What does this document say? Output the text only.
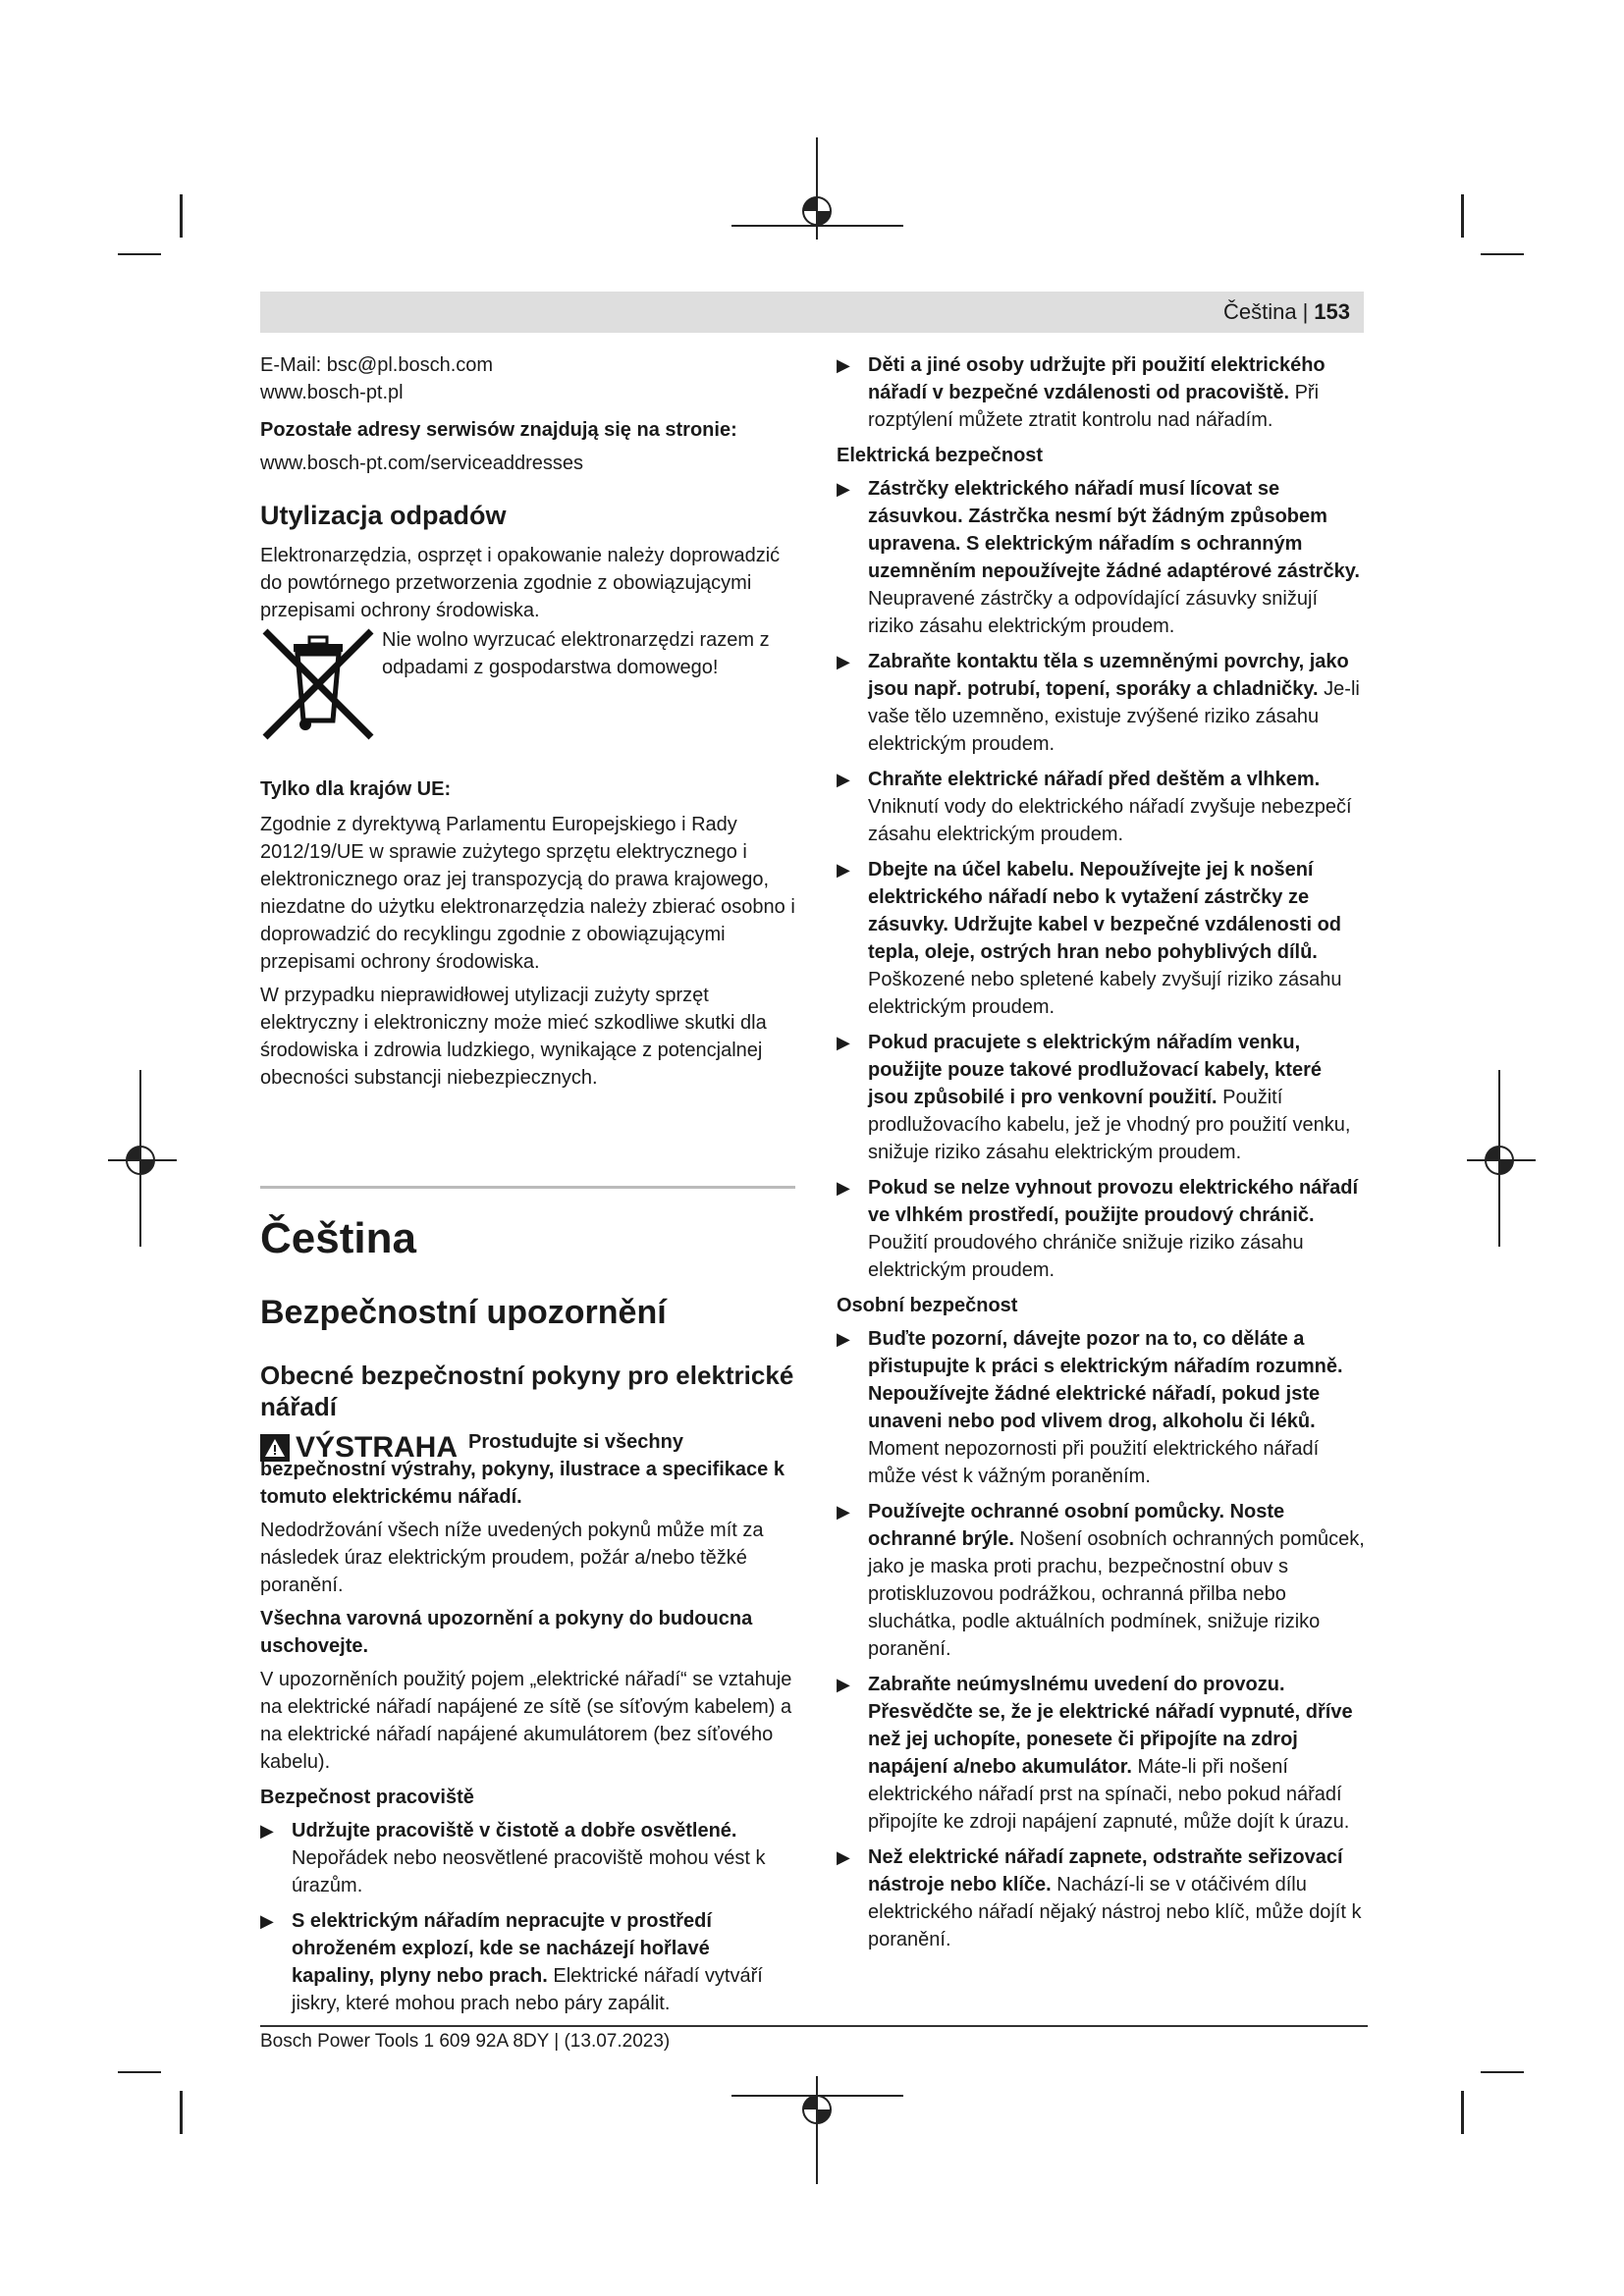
Čeština | 153
E-Mail: bsc@pl.bosch.com
www.bosch-pt.pl

Pozostałe adresy serwisów znajdują się na stronie:

www.bosch-pt.com/serviceaddresses

Utylizacja odpadów

Elektronarzędzia, osprzęt i opakowanie należy doprowadzić do powtórnego przetworzenia zgodnie z obowiązującymi przepisami ochrony środowiska.

Nie wolno wyrzucać elektronarzędzi razem z odpadami z gospodarstwa domowego!

Tylko dla krajów UE:

Zgodnie z dyrektywą Parlamentu Europejskiego i Rady 2012/19/UE w sprawie zużytego sprzętu elektrycznego i elektronicznego oraz jej transpozycją do prawa krajowego, niezdatne do użytku elektronarzędzia należy zbierać osobno i doprowadzić do recyklingu zgodnie z obowiązującymi przepisami ochrony środowiska.

W przypadku nieprawidłowej utylizacji zużyty sprzęt elektryczny i elektroniczny może mieć szkodliwe skutki dla środowiska i zdrowia ludzkiego, wynikające z potencjalnej obecności substancji niebezpiecznych.

Čeština
Bezpečnostní upozornění
Obecné bezpečnostní pokyny pro elektrické nářadí
VÝSTRAHA Prostudujte si všechny bezpečnostní výstrahy, pokyny, ilustrace a specifikace k tomuto elektrickému nářadí.

Nedodržování všech níže uvedených pokynů může mít za následek úraz elektrickým proudem, požár a/nebo těžké poranění.

Všechna varovná upozornění a pokyny do budoucna uschovejte.

V upozorněních použitý pojem „elektrické nářadí“ se vztahuje na elektrické nářadí napájené ze sítě (se síťovým kabelem) a na elektrické nářadí napájené akumulátorem (bez síťového kabelu).

Bezpečnost pracoviště

▶ Udržujte pracoviště v čistotě a dobře osvětlené. Nepořádek nebo neosvětlené pracoviště mohou vést k úrazům.
▶ S elektrickým nářadím nepracujte v prostředí ohroženém explozí, kde se nacházejí hořlavé kapaliny, plyny nebo prach. Elektrické nářadí vytváří jiskry, které mohou prach nebo páry zapálit.
▶ Děti a jiné osoby udržujte při použití elektrického nářadí v bezpečné vzdálenosti od pracoviště. Při rozptýlení můžete ztratit kontrolu nad nářadím.

Elektrická bezpečnost

▶ Zástrčky elektrického nářadí musí lícovat se zásuvkou. Zástrčka nesmí být žádným způsobem upravena. S elektrickým nářadím s ochranným uzemněním nepoužívejte žádné adaptérové zástrčky. Neupravené zástrčky a odpovídající zásuvky snižují riziko zásahu elektrickým proudem.
▶ Zabraňte kontaktu těla s uzemněnými povrchy, jako jsou např. potrubí, topení, sporáky a chladničky. Je-li vaše tělo uzemněno, existuje zvýšené riziko zásahu elektrickým proudem.
▶ Chraňte elektrické nářadí před deštěm a vlhkem. Vniknutí vody do elektrického nářadí zvyšuje nebezpečí zásahu elektrickým proudem.
▶ Dbejte na účel kabelu. Nepoužívejte jej k nošení elektrického nářadí nebo k vytažení zástrčky ze zásuvky. Udržujte kabel v bezpečné vzdálenosti od tepla, oleje, ostrých hran nebo pohyblivých dílů. Poškozené nebo spletené kabely zvyšují riziko zásahu elektrickým proudem.
▶ Pokud pracujete s elektrickým nářadím venku, použijte pouze takové prodlužovací kabely, které jsou způsobilé i pro venkovní použití. Použití prodlužovacího kabelu, jež je vhodný pro použití venku, snižuje riziko zásahu elektrickým proudem.
▶ Pokud se nelze vyhnout provozu elektrického nářadí ve vlhkém prostředí, použijte proudový chránič. Použití proudového chrániče snižuje riziko zásahu elektrickým proudem.

Osobní bezpečnost

▶ Buďte pozorní, dávejte pozor na to, co děláte a přistupujte k práci s elektrickým nářadím rozumně. Nepoužívejte žádné elektrické nářadí, pokud jste unaveni nebo pod vlivem drog, alkoholu či léků. Moment nepozornosti při použití elektrického nářadí může vést k vážným poraněním.
▶ Používejte ochranné osobní pomůcky. Noste ochranné brýle. Nošení osobních ochranných pomůcek, jako je maska proti prachu, bezpečnostní obuv s protiskluzovou podrážkou, ochranná přilba nebo sluchátka, podle aktuálních podmínek, snižuje riziko poranění.
▶ Zabraňte neúmyslnému uvedení do provozu. Přesvědčte se, že je elektrické nářadí vypnuté, dříve než jej uchopíte, ponesete či připojíte na zdroj napájení a/nebo akumulátor. Máte-li při nošení elektrického nářadí prst na spínači, nebo pokud nářadí připojíte ke zdroji napájení zapnuté, může dojít k úrazu.
▶ Než elektrické nářadí zapnete, odstraňte seřizovací nástroje nebo klíče. Nachází-li se v otáčivém dílu elektrického nářadí nějaký nástroj nebo klíč, může dojít k poranění.
Bosch Power Tools 1 609 92A 8DY | (13.07.2023)
